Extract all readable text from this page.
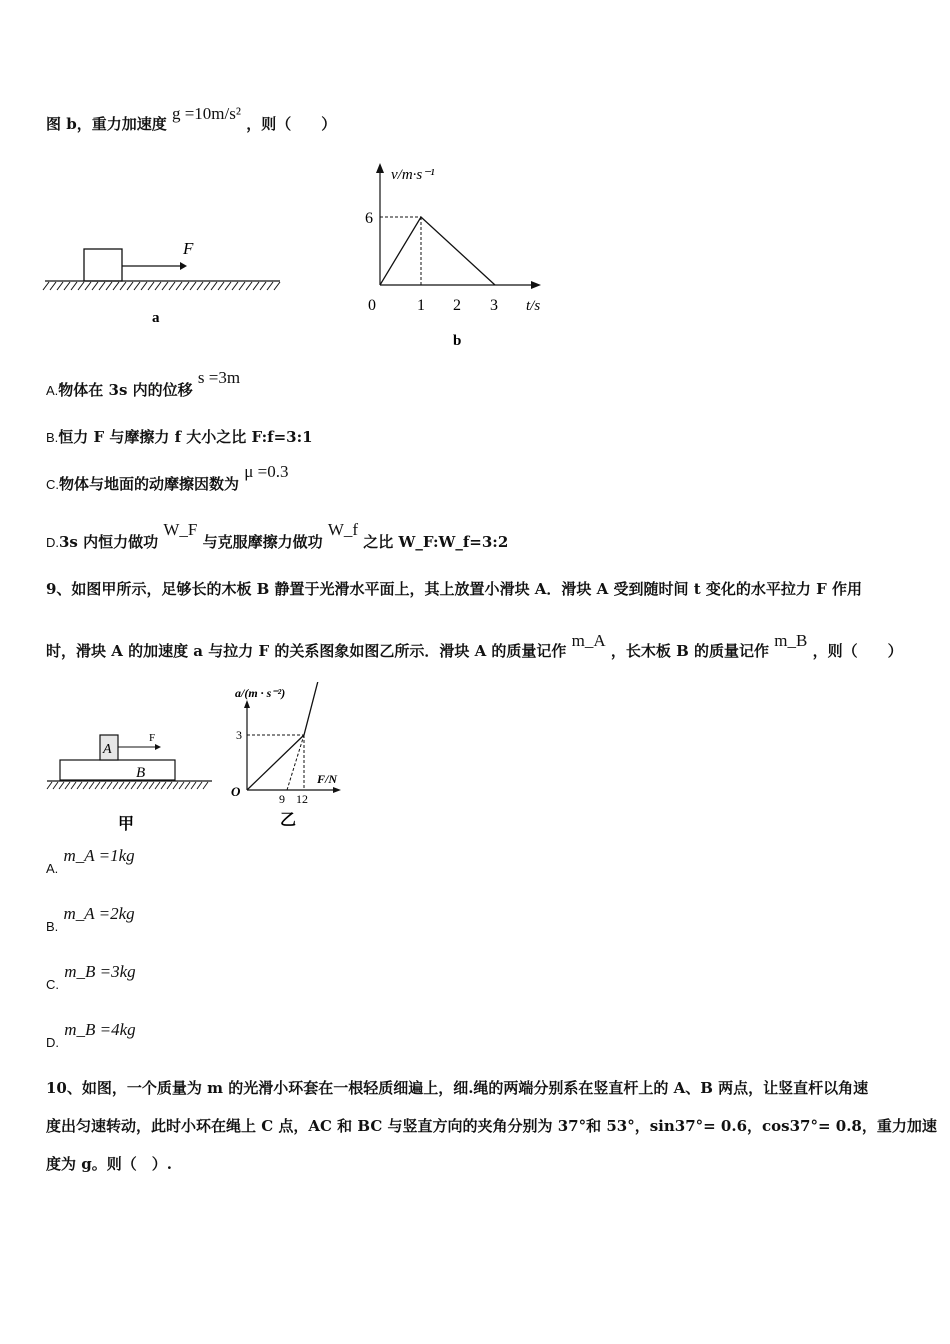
图 b，重力加速度 g =10m/s² ，则（　　）
F
a
v/m·s⁻¹
t/s
6
0	1 2 3
b
A.物体在 3s 内的位移 s =3m
B.恒力 F 与摩擦力 f 大小之比 F:f=3:1
C.物体与地面的动摩擦因数为 μ =0.3
D.3s 内恒力做功 W_F 与克服摩擦力做功 W_f 之比 W_F:W_f=3:2
9、如图甲所示，足够长的木板 B 静置于光滑水平面上，其上放置小滑块 A．滑块 A 受到随时间 t 变化的水平拉力 F 作用
时，滑块 A 的加速度 a 与拉力 F 的关系图象如图乙所示．滑块 A 的质量记作 m_A ，长木板 B 的质量记作 m_B ，则（　　）
B
A
F
甲
a/(m · s⁻²)
F/N
O
3
9 12
乙
A. m_A =1kg
B. m_A =2kg
C. m_B =3kg
D. m_B =4kg
10、如图，一个质量为 m 的光滑小环套在一根轻质细遍上，细.绳的两端分别系在竖直杆上的 A、B 两点，让竖直杆以角速
度出匀速转动，此时小环在绳上 C 点，AC 和 BC 与竖直方向的夹角分别为 37°和 53°，sin37°= 0.6，cos37°= 0.8，重力加速
度为 g。则（　）.
